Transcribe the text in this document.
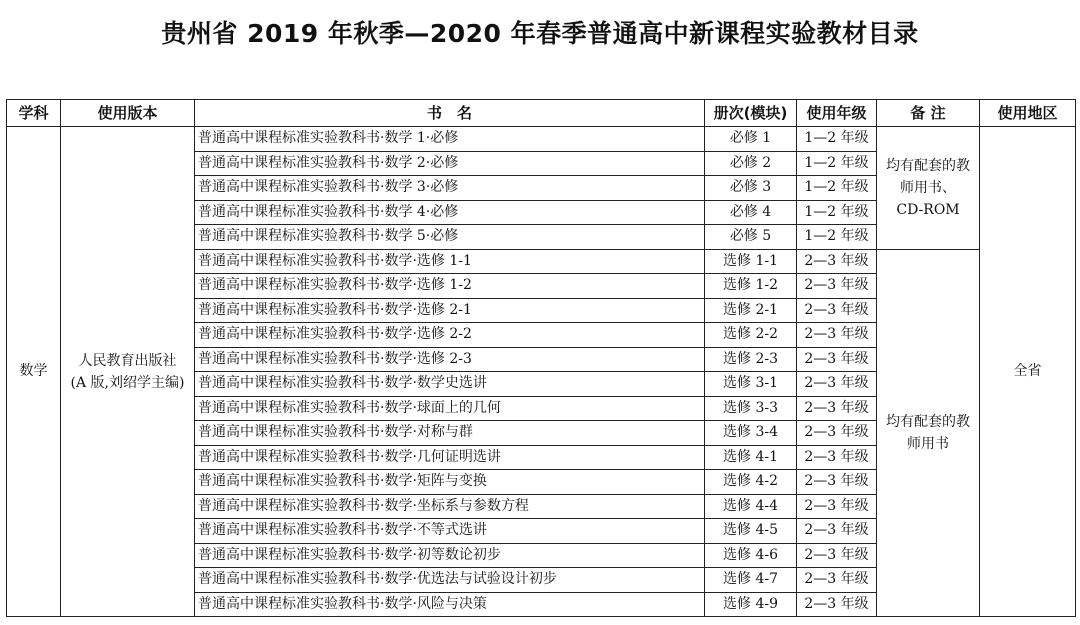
贵州省 2019 年秋季—2020 年春季普通高中新课程实验教材目录
学科	使用版本	书　名	册次(模块)	使用年级	备 注	使用地区
数学	人民教育出版社
(A 版,刘绍学主编)	普通高中课程标准实验教科书·数学 1·必修	必修 1	1—2 年级	均有配套的教
师用书、
CD-ROM	全省
		普通高中课程标准实验教科书·数学 2·必修	必修 2	1—2 年级		
		普通高中课程标准实验教科书·数学 3·必修	必修 3	1—2 年级		
		普通高中课程标准实验教科书·数学 4·必修	必修 4	1—2 年级		
		普通高中课程标准实验教科书·数学 5·必修	必修 5	1—2 年级		
		普通高中课程标准实验教科书·数学·选修 1-1	选修 1-1	2—3 年级	均有配套的教
师用书	

		普通高中课程标准实验教科书·数学·选修 1-2	选修 1-2	2—3 年级		
		普通高中课程标准实验教科书·数学·选修 2-1	选修 2-1	2—3 年级		
		普通高中课程标准实验教科书·数学·选修 2-2	选修 2-2	2—3 年级		
		普通高中课程标准实验教科书·数学·选修 2-3	选修 2-3	2—3 年级		
		普通高中课程标准实验教科书·数学·数学史选讲	选修 3-1	2—3 年级		
		普通高中课程标准实验教科书·数学·球面上的几何	选修 3-3	2—3 年级		
		普通高中课程标准实验教科书·数学·对称与群	选修 3-4	2—3 年级		
		普通高中课程标准实验教科书·数学·几何证明选讲	选修 4-1	2—3 年级		
		普通高中课程标准实验教科书·数学·矩阵与变换	选修 4-2	2—3 年级		
		普通高中课程标准实验教科书·数学·坐标系与参数方程	选修 4-4	2—3 年级		
		普通高中课程标准实验教科书·数学·不等式选讲	选修 4-5	2—3 年级		
		普通高中课程标准实验教科书·数学·初等数论初步	选修 4-6	2—3 年级		
		普通高中课程标准实验教科书·数学·优选法与试验设计初步	选修 4-7	2—3 年级		
		普通高中课程标准实验教科书·数学·风险与决策	选修 4-9	2—3 年级		
